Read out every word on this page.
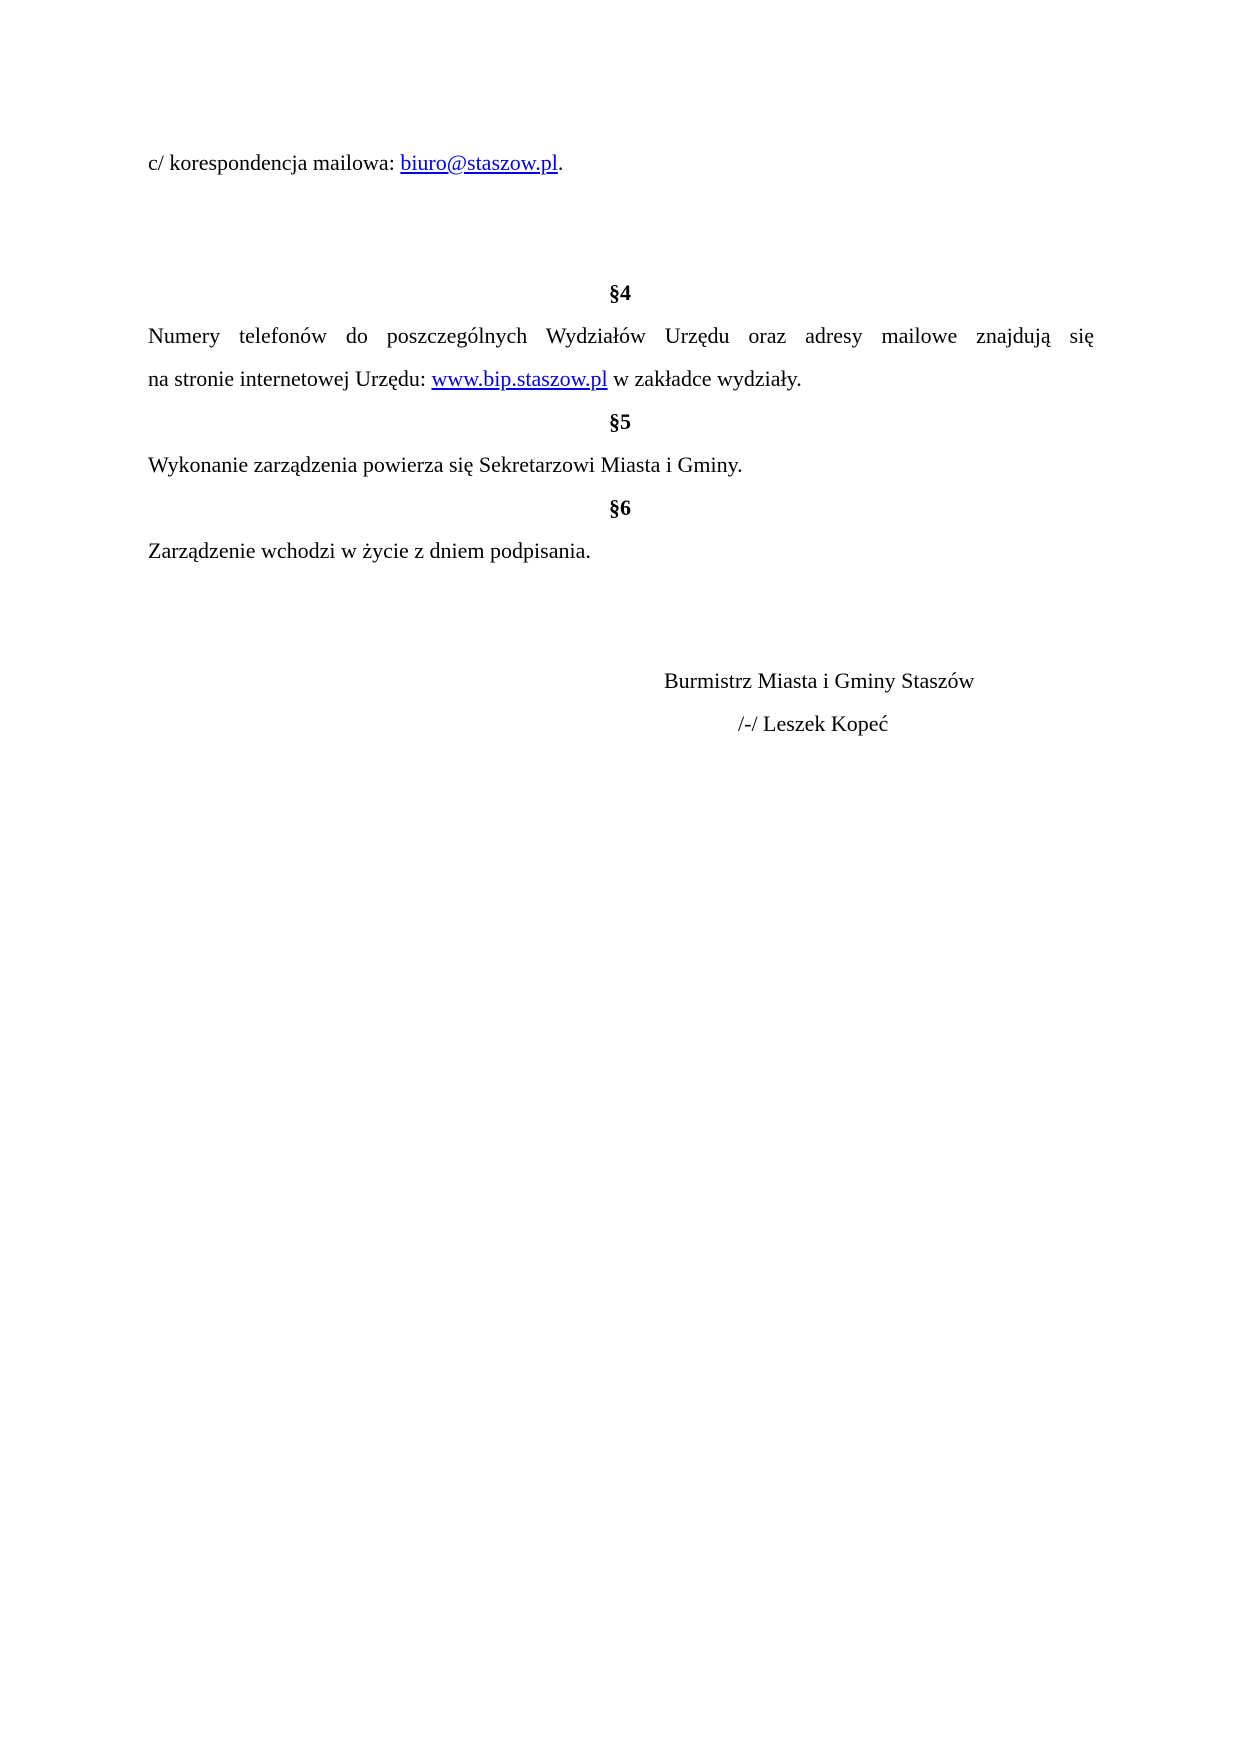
c/ korespondencja mailowa: biuro@staszow.pl.
§4
Numery telefonów do poszczególnych Wydziałów Urzędu oraz adresy mailowe znajdują się
na stronie internetowej Urzędu: www.bip.staszow.pl w zakładce wydziały.
§5
Wykonanie zarządzenia powierza się Sekretarzowi Miasta i Gminy.
§6
Zarządzenie wchodzi w życie z dniem podpisania.
Burmistrz Miasta i Gminy Staszów
/-/ Leszek Kopeć
